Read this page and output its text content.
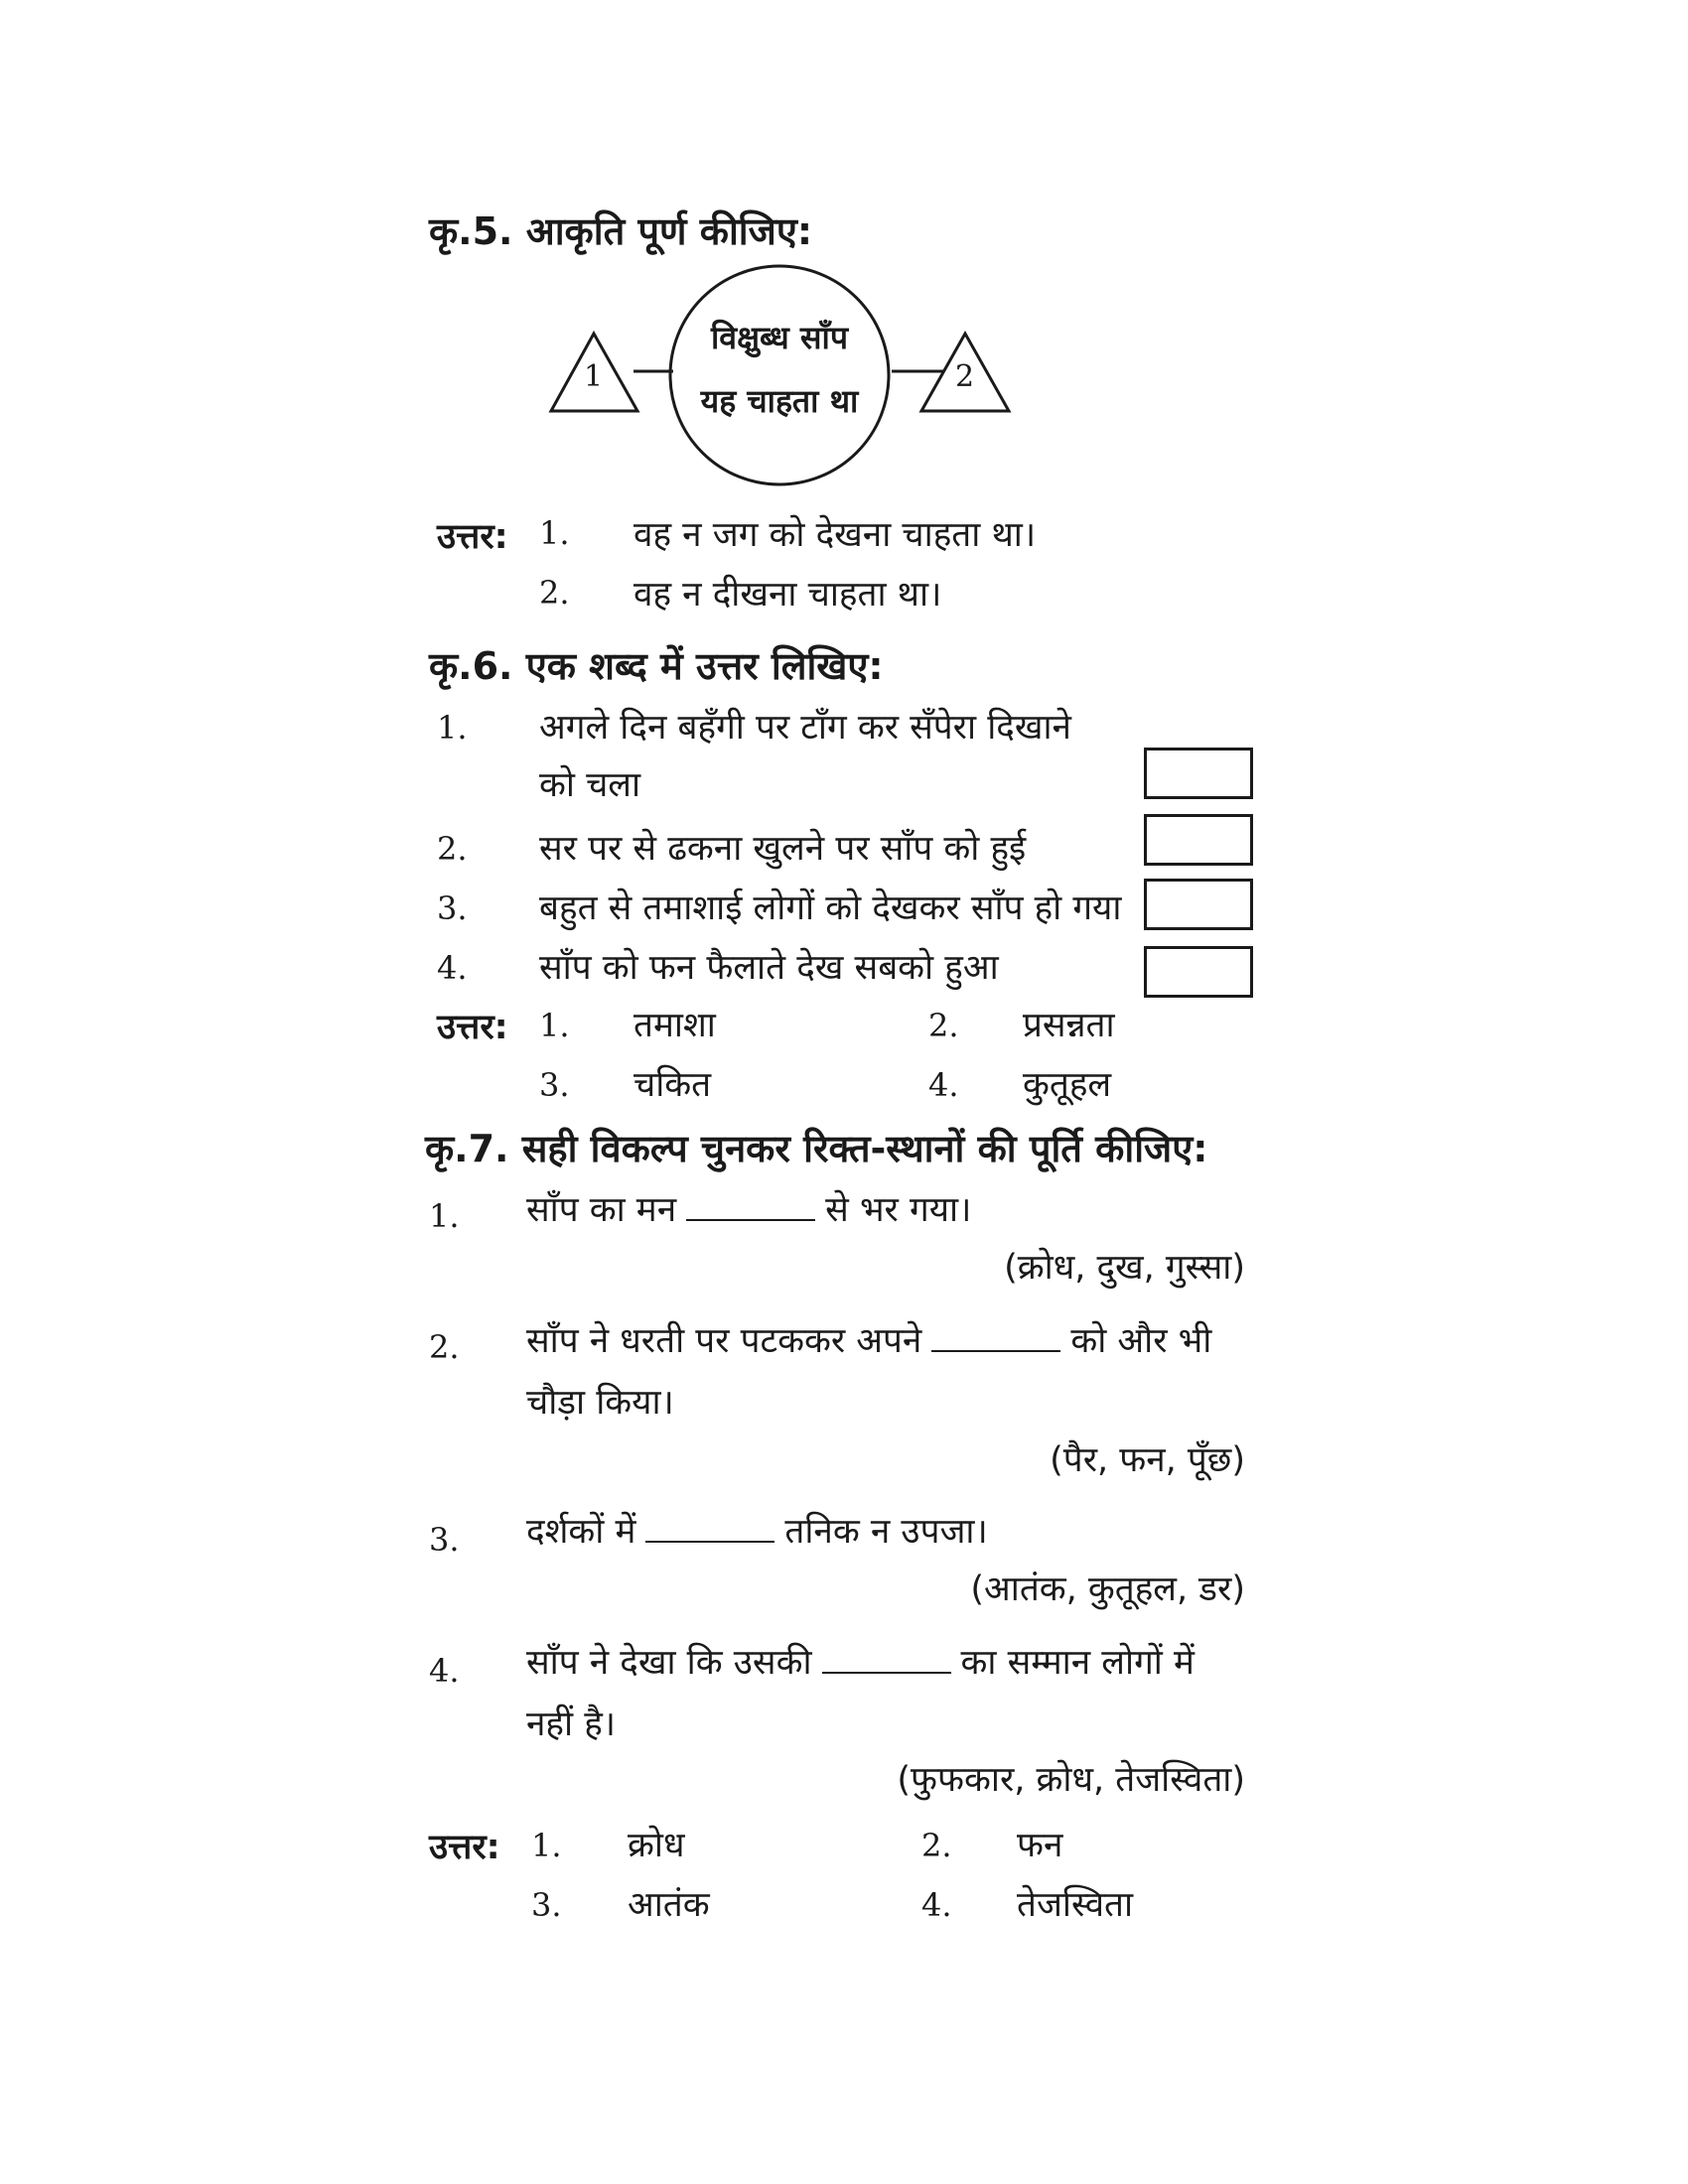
कृ.5. आकृति पूर्ण कीजिए:
1	2
विक्षुब्ध साँप
यह चाहता था
उत्तर: 1. वह न जग को देखना चाहता था।
2. वह न दीखना चाहता था।
कृ.6. एक शब्द में उत्तर लिखिए:
1. अगले दिन बहँगी पर टाँग कर सँपेरा दिखाने
को चला
2. सर पर से ढकना खुलने पर साँप को हुई
3. बहुत से तमाशाई लोगों को देखकर साँप हो गया
4. साँप को फन फैलाते देख सबको हुआ
उत्तर: 1. तमाशा	2. प्रसन्नता
3. चकित	4. कुतूहल
कृ.7. सही विकल्प चुनकर रिक्त-स्थानों की पूर्ति कीजिए:
1. साँप का मन	से भर गया।
(क्रोध, दुख, गुस्सा)
2. साँप ने धरती पर पटककर अपने	को और भी
चौड़ा किया।
(पैर, फन, पूँछ)
3. दर्शकों में	तनिक न उपजा।
(आतंक, कुतूहल, डर)
4. साँप ने देखा कि उसकी	का सम्मान लोगों में
नहीं है।
(फुफकार, क्रोध, तेजस्विता)
उत्तर: 1. क्रोध	2. फन
3. आतंक	4. तेजस्विता
